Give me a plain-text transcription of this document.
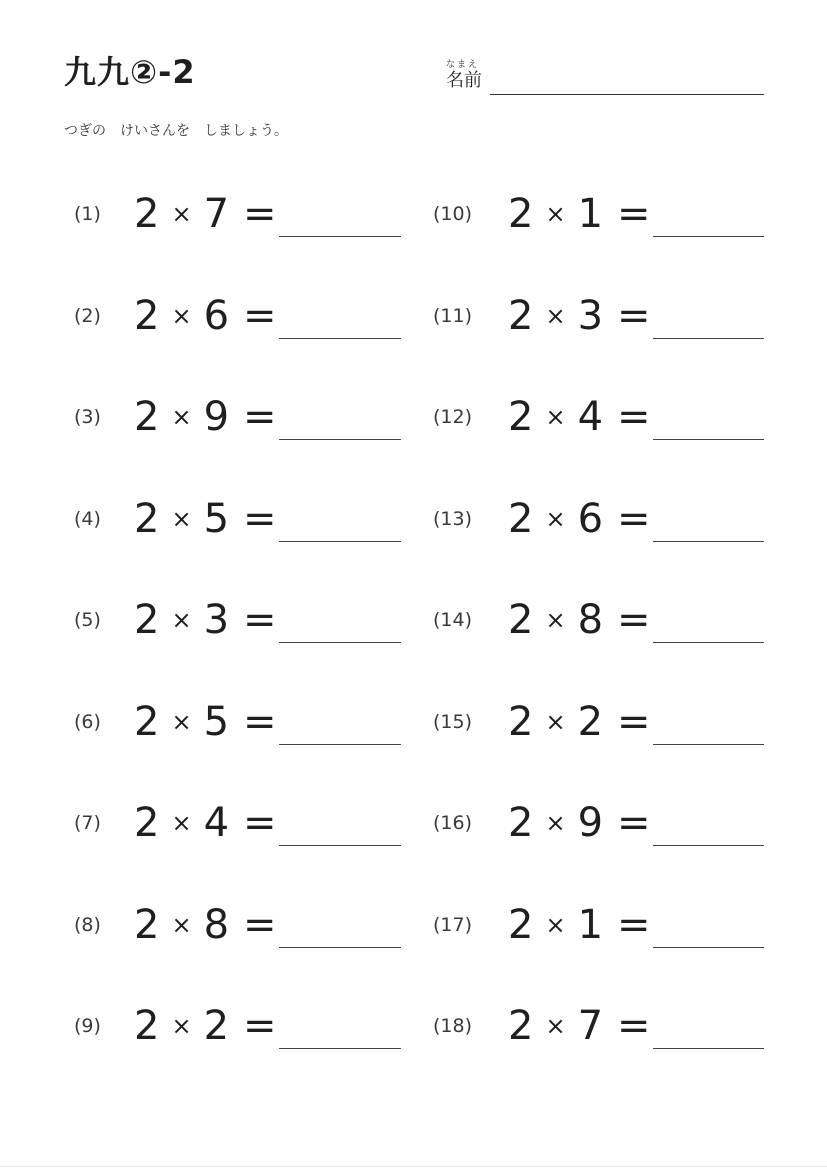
九九②-2	なまえ
名前
つぎの　けいさんを　しましょう。
(1) 2 × 7 =
(2) 2 × 6 =
(3) 2 × 9 =
(4) 2 × 5 =
(5) 2 × 3 =
(6) 2 × 5 =
(7) 2 × 4 =
(8) 2 × 8 =
(9) 2 × 2 =
(10) 2 × 1 =
(11) 2 × 3 =
(12) 2 × 4 =
(13) 2 × 6 =
(14) 2 × 8 =
(15) 2 × 2 =
(16) 2 × 9 =
(17) 2 × 1 =
(18) 2 × 7 =
